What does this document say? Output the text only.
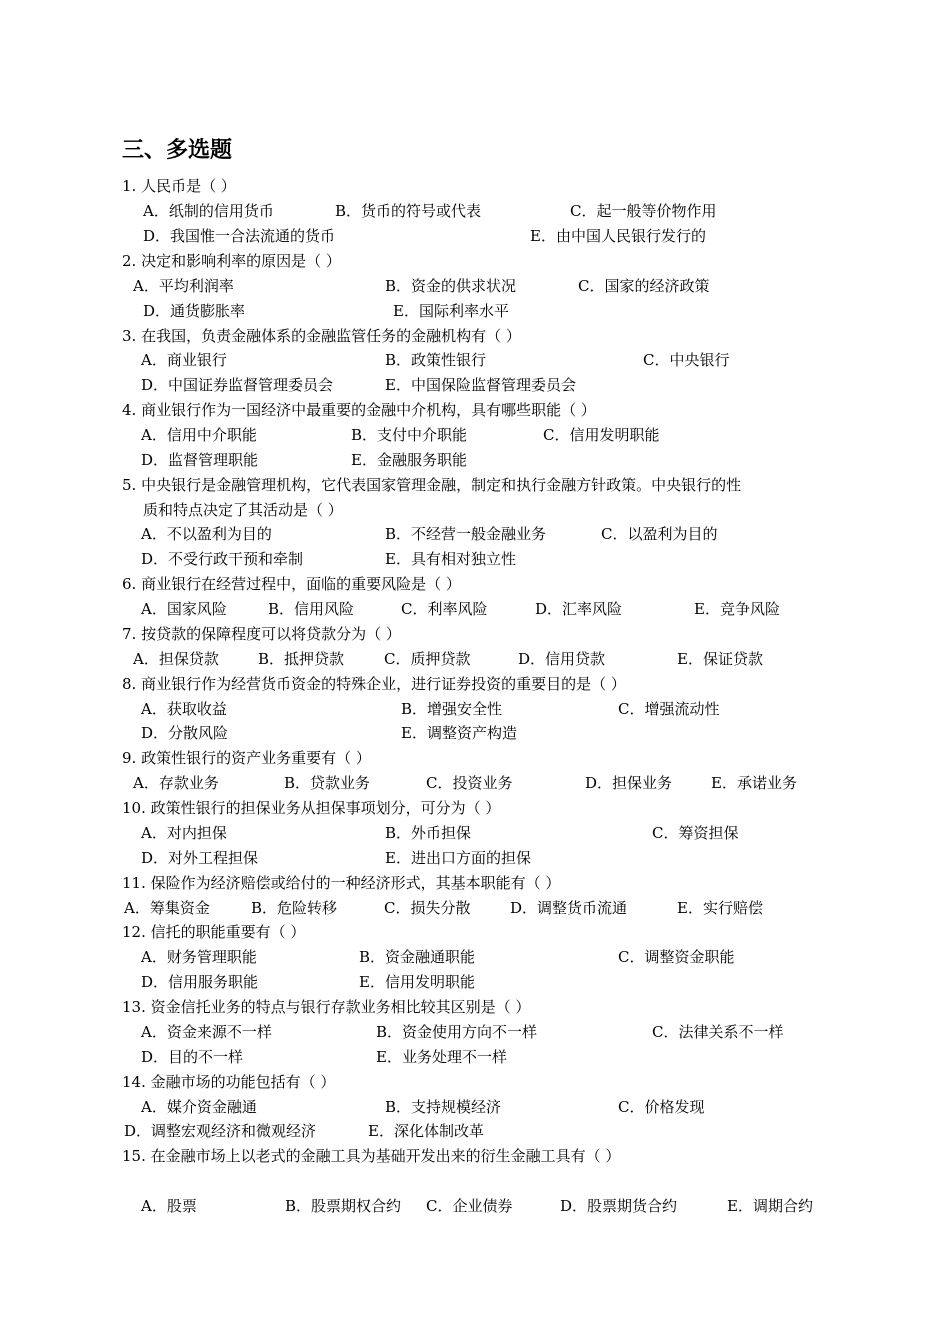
三、多选题
1. 人民币是（ ）
A．纸制的信用货币	B．货币的符号或代表	C．起一般等价物作用
D．我国惟一合法流通的货币	E．由中国人民银行发行的
2. 决定和影响利率的原因是（ ）
A．平均利润率	B．资金的供求状况	C．国家的经济政策
D．通货膨胀率	E．国际利率水平
3. 在我国，负责金融体系的金融监管任务的金融机构有（ ）
A．商业银行	B．政策性银行	C．中央银行
D．中国证券监督管理委员会	E．中国保险监督管理委员会
4. 商业银行作为一国经济中最重要的金融中介机构，具有哪些职能（ ）
A．信用中介职能	B．支付中介职能	C．信用发明职能
D．监督管理职能	E．金融服务职能
5. 中央银行是金融管理机构，它代表国家管理金融，制定和执行金融方针政策。中央银行的性
质和特点决定了其活动是（ ）
A．不以盈利为目的	B．不经营一般金融业务	C．以盈利为目的
D．不受行政干预和牵制	E．具有相对独立性
6. 商业银行在经营过程中，面临的重要风险是（ ）
A．国家风险	B．信用风险	C．利率风险	D．汇率风险	E．竞争风险
7. 按贷款的保障程度可以将贷款分为（ ）
A．担保贷款	B．抵押贷款	C．质押贷款	D．信用贷款	E．保证贷款
8. 商业银行作为经营货币资金的特殊企业，进行证券投资的重要目的是（ ）
A．获取收益	B．增强安全性	C．增强流动性
D．分散风险	E．调整资产构造
9. 政策性银行的资产业务重要有（ ）
A．存款业务	B．贷款业务	C．投资业务	D．担保业务	E．承诺业务
10. 政策性银行的担保业务从担保事项划分，可分为（ ）
A．对内担保	B．外币担保	C．筹资担保
D．对外工程担保	E．进出口方面的担保
11. 保险作为经济赔偿或给付的一种经济形式，其基本职能有（ ）
A．筹集资金	B．危险转移	C．损失分散	D．调整货币流通	E．实行赔偿
12. 信托的职能重要有（ ）
A．财务管理职能	B．资金融通职能	C．调整资金职能
D．信用服务职能	E．信用发明职能
13. 资金信托业务的特点与银行存款业务相比较其区别是（ ）
A．资金来源不一样	B．资金使用方向不一样	C．法律关系不一样
D．目的不一样	E．业务处理不一样
14. 金融市场的功能包括有（ ）
A．媒介资金融通	B．支持规模经济	C．价格发现
D．调整宏观经济和微观经济	E．深化体制改革
15. 在金融市场上以老式的金融工具为基础开发出来的衍生金融工具有（ ）
A．股票	B．股票期权合约 C．企业债券	D．股票期货合约	E．调期合约
